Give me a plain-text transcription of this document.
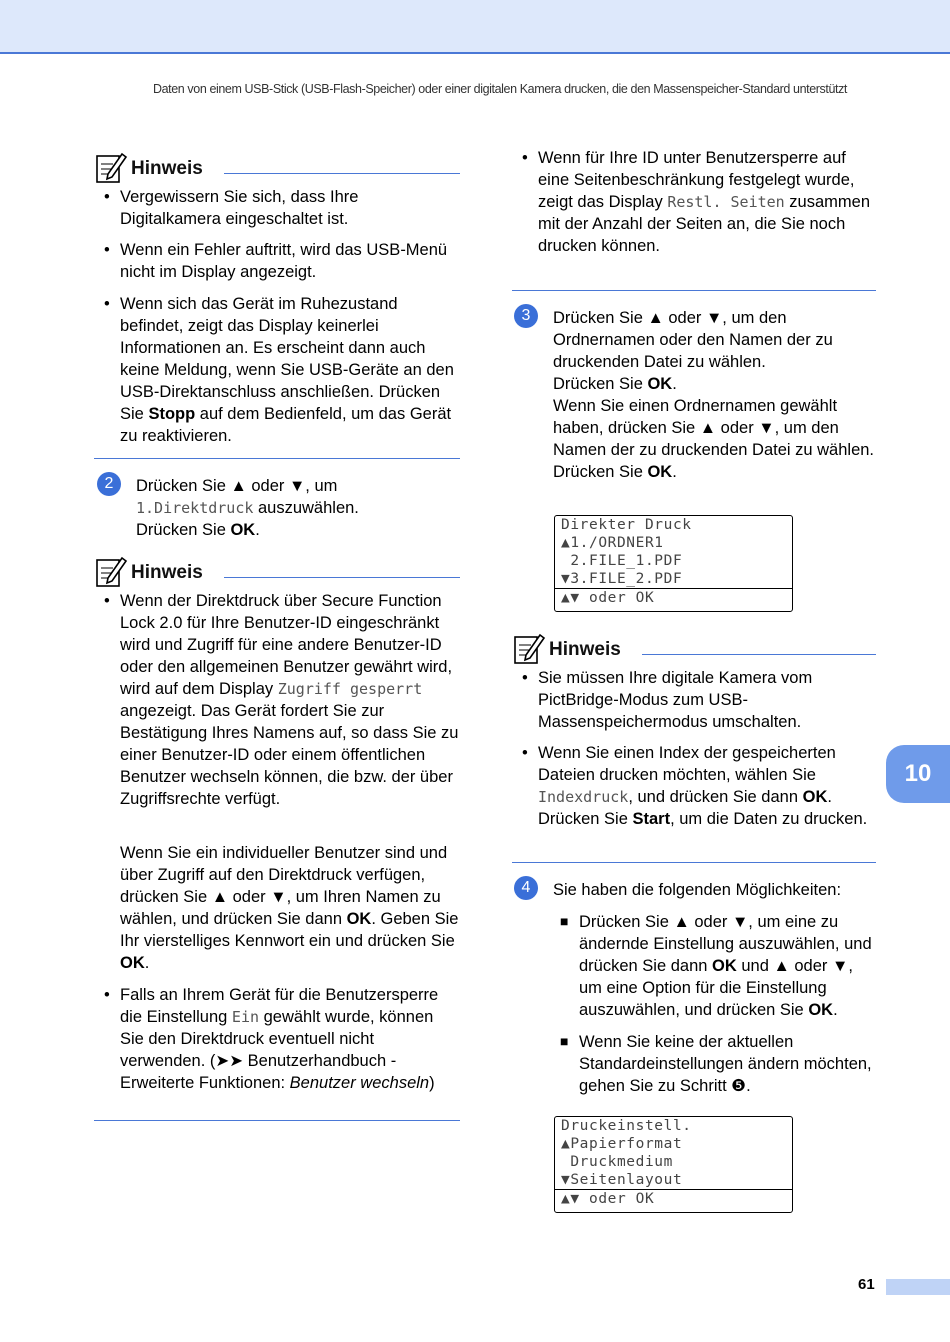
Daten von einem USB-Stick (USB-Flash-Speicher) oder einer digitalen Kamera drucken, die den Massenspeicher-Standard unterstützt
Hinweis
• Vergewissern Sie sich, dass Ihre Digitalkamera eingeschaltet ist.
• Wenn ein Fehler auftritt, wird das USB-Menü nicht im Display angezeigt.
• Wenn sich das Gerät im Ruhezustand befindet, zeigt das Display keinerlei Informationen an. Es erscheint dann auch keine Meldung, wenn Sie USB-Geräte an den USB-Direktanschluss anschließen. Drücken Sie Stopp auf dem Bedienfeld, um das Gerät zu reaktivieren.
2	Drücken Sie ▲ oder ▼, um
1.Direktdruck auszuwählen.
Drücken Sie OK.
Hinweis
• Wenn der Direktdruck über Secure Function Lock 2.0 für Ihre Benutzer-ID eingeschränkt wird und Zugriff für eine andere Benutzer-ID oder den allgemeinen Benutzer gewährt wird, wird auf dem Display Zugriff gesperrt angezeigt. Das Gerät fordert Sie zur Bestätigung Ihres Namens auf, so dass Sie zu einer Benutzer-ID oder einem öffentlichen Benutzer wechseln können, die bzw. der über Zugriffsrechte verfügt.
Wenn Sie ein individueller Benutzer sind und über Zugriff auf den Direktdruck verfügen, drücken Sie ▲ oder ▼, um Ihren Namen zu wählen, und drücken Sie dann OK. Geben Sie Ihr vierstelliges Kennwort ein und drücken Sie OK.
• Falls an Ihrem Gerät für die Benutzersperre die Einstellung Ein gewählt wurde, können Sie den Direktdruck eventuell nicht verwenden. (➤➤ Benutzerhandbuch - Erweiterte Funktionen: Benutzer wechseln)
• Wenn für Ihre ID unter Benutzersperre auf eine Seitenbeschränkung festgelegt wurde, zeigt das Display Restl. Seiten zusammen mit der Anzahl der Seiten an, die Sie noch drucken können.
3	Drücken Sie ▲ oder ▼, um den Ordnernamen oder den Namen der zu druckenden Datei zu wählen.
Drücken Sie OK.
Wenn Sie einen Ordnernamen gewählt haben, drücken Sie ▲ oder ▼, um den Namen der zu druckenden Datei zu wählen.
Drücken Sie OK.
Direkter Druck
▲1./ORDNER1
2.FILE_1.PDF
▼3.FILE_2.PDF
▲▼ oder OK
Hinweis
• Sie müssen Ihre digitale Kamera vom PictBridge-Modus zum USB-Massenspeichermodus umschalten.
• Wenn Sie einen Index der gespeicherten Dateien drucken möchten, wählen Sie Indexdruck, und drücken Sie dann OK. Drücken Sie Start, um die Daten zu drucken.
4	Sie haben die folgenden Möglichkeiten:
■ Drücken Sie ▲ oder ▼, um eine zu ändernde Einstellung auszuwählen, und drücken Sie dann OK und ▲ oder ▼, um eine Option für die Einstellung auszuwählen, und drücken Sie OK.
■ Wenn Sie keine der aktuellen Standardeinstellungen ändern möchten, gehen Sie zu Schritt ❺.
Druckeinstell.
▲Papierformat
Druckmedium
▼Seitenlayout
▲▼ oder OK
10
61
